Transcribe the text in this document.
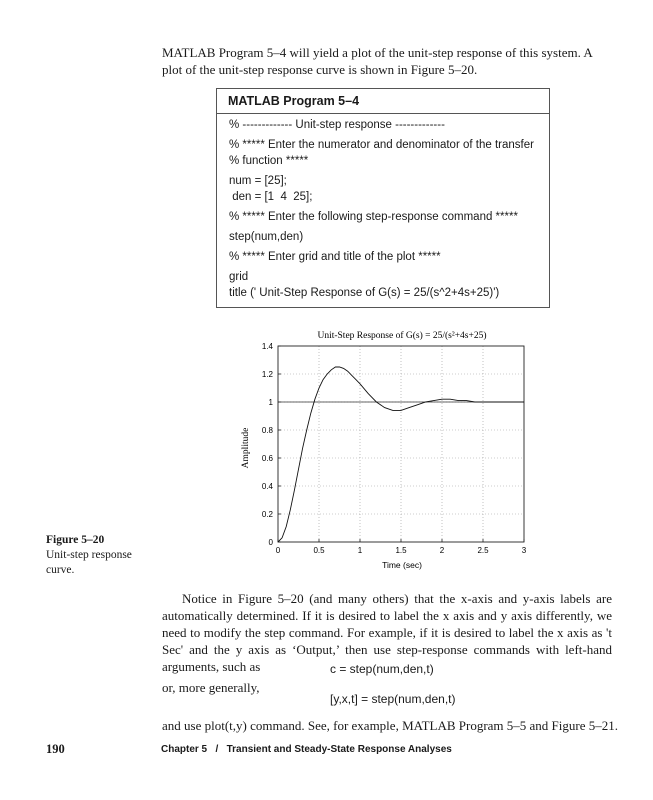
MATLAB Program 5–4 will yield a plot of the unit-step response of this system. A plot of the unit-step response curve is shown in Figure 5–20.
MATLAB Program 5–4
% ------------- Unit-step response -------------
% ***** Enter the numerator and denominator of the transfer
% function *****
num = [25];
den = [1  4  25];
% ***** Enter the following step-response command *****
step(num,den)
% ***** Enter grid and title of the plot *****
grid
title (' Unit-Step Response of G(s) = 25/(s^2+4s+25)')
Unit-Step Response of G(s) = 25/(s²+4s+25)
0	0.5	1	1.5	2	2.5	3
0
0.2
0.4
0.6
0.8
1
1.2
1.4
Time (sec)
Amplitude
Figure 5–20
Unit-step response curve.

Notice in Figure 5–20 (and many others) that the x-axis and y-axis labels are automatically determined. If it is desired to label the x axis and y axis differently, we need to modify the step command. For example, if it is desired to label the x axis as 't Sec' and the y axis as ‘Output,’ then use step-response commands with left-hand arguments, such as	c = step(num,den,t)
or, more generally,
[y,x,t] = step(num,den,t)
and use plot(t,y) command. See, for example, MATLAB Program 5–5 and Figure 5–21.
190	Chapter 5   /   Transient and Steady-State Response Analyses
